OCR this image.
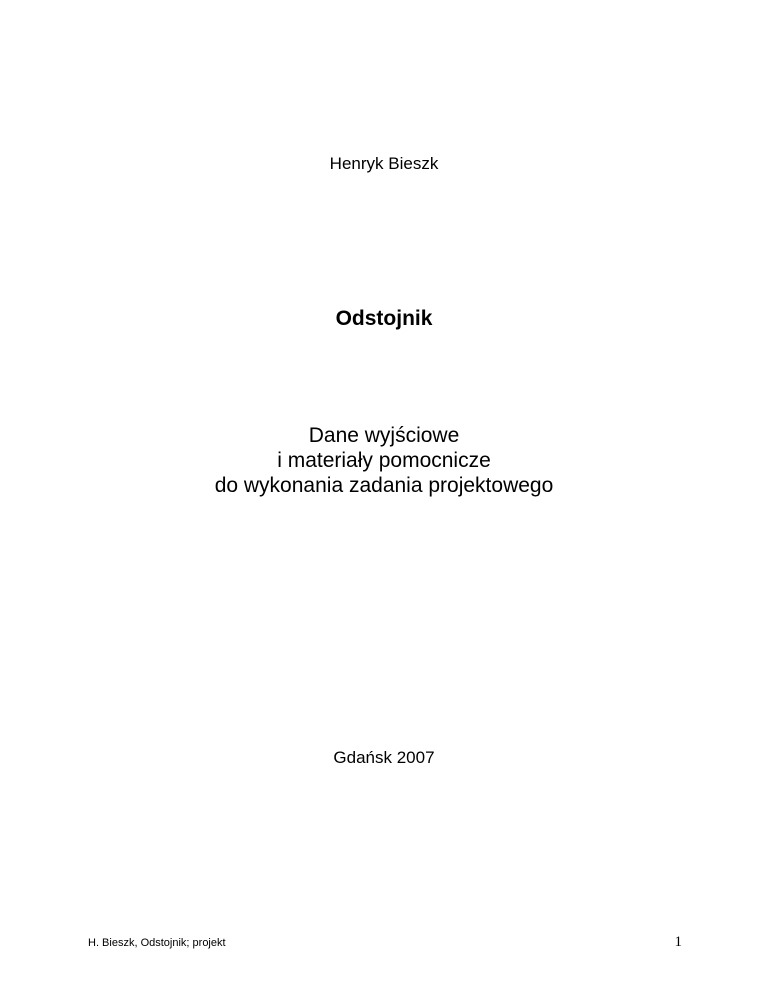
Henryk Bieszk

Odstojnik
Dane wyjściowe
i materiały pomocnicze
do wykonania zadania projektowego

Gdańsk 2007

H. Bieszk, Odstojnik; projekt	1
